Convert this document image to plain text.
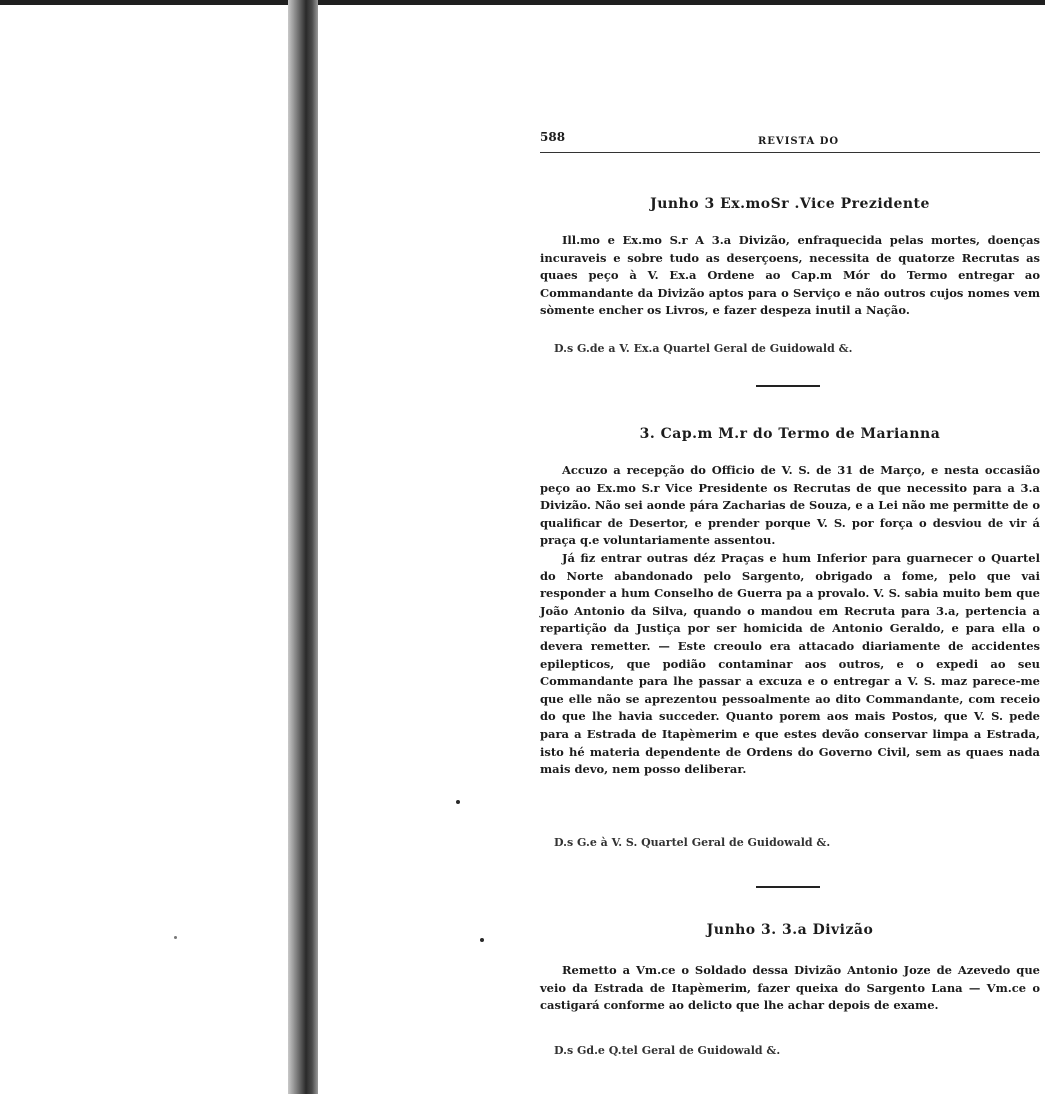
588	REVISTA DO
Junho 3 Ex.moSr .Vice Prezidente

Ill.mo e Ex.mo S.r A 3.a Divizão, enfraquecida pelas mortes, doenças incuraveis e sobre tudo as deserçoens, necessita de quatorze Recrutas as quaes peço à V. Ex.a Ordene ao Cap.m Mór do Termo entregar ao Commandante da Divizão aptos para o Serviço e não outros cujos nomes vem sòmente encher os Livros, e fazer despeza inutil a Nação.

D.s G.de a V. Ex.a Quartel Geral de Guidowald &.
3. Cap.m M.r do Termo de Marianna

Accuzo a recepção do Officio de V. S. de 31 de Março, e nesta occasião peço ao Ex.mo S.r Vice Presidente os Recrutas de que necessito para a 3.a Divizão. Não sei aonde pára Zacharias de Souza, e a Lei não me permitte de o qualificar de Desertor, e prender porque V. S. por força o desviou de vir á praça q.e voluntariamente assentou.

Já fiz entrar outras déz Praças e hum Inferior para guarnecer o Quartel do Norte abandonado pelo Sargento, obrigado a fome, pelo que vai responder a hum Conselho de Guerra pa a provalo. V. S. sabia muito bem que João Antonio da Silva, quando o mandou em Recruta para 3.a, pertencia a repartição da Justiça por ser homicida de Antonio Geraldo, e para ella o devera remetter. — Este creoulo era attacado diariamente de accidentes epilepticos, que podião contaminar aos outros, e o expedi ao seu Commandante para lhe passar a excuza e o entregar a V. S. maz parece-me que elle não se aprezentou pessoalmente ao dito Commandante, com receio do que lhe havia succeder. Quanto porem aos mais Postos, que V. S. pede para a Estrada de Itapèmerim e que estes devão conservar limpa a Estrada, isto hé materia dependente de Ordens do Governo Civil, sem as quaes nada mais devo, nem posso deliberar.

D.s G.e à V. S. Quartel Geral de Guidowald &.
Junho 3. 3.a Divizão

Remetto a Vm.ce o Soldado dessa Divizão Antonio Joze de Azevedo que veio da Estrada de Itapèmerim, fazer queixa do Sargento Lana — Vm.ce o castigará conforme ao delicto que lhe achar depois de exame.

D.s Gd.e Q.tel Geral de Guidowald &.
